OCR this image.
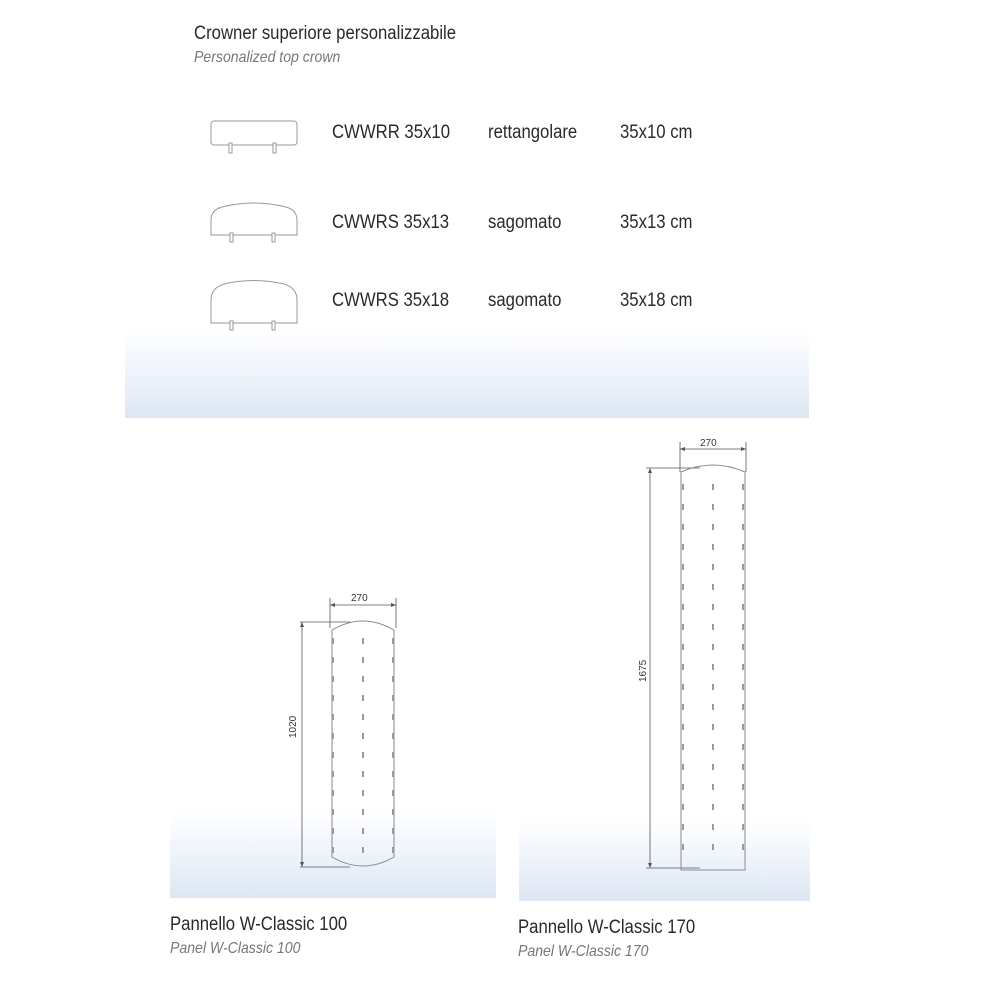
Crowner superiore personalizzabile
Personalized top crown
CWWRR 35x10 rettangolare 35x10 cm
CWWRS 35x13 sagomato	35x13 cm
CWWRS 35x18 sagomato	35x18 cm
270
1020
270
1675
Pannello W-Classic 100
Panel W-Classic 100
Pannello W-Classic 170
Panel W-Classic 170
